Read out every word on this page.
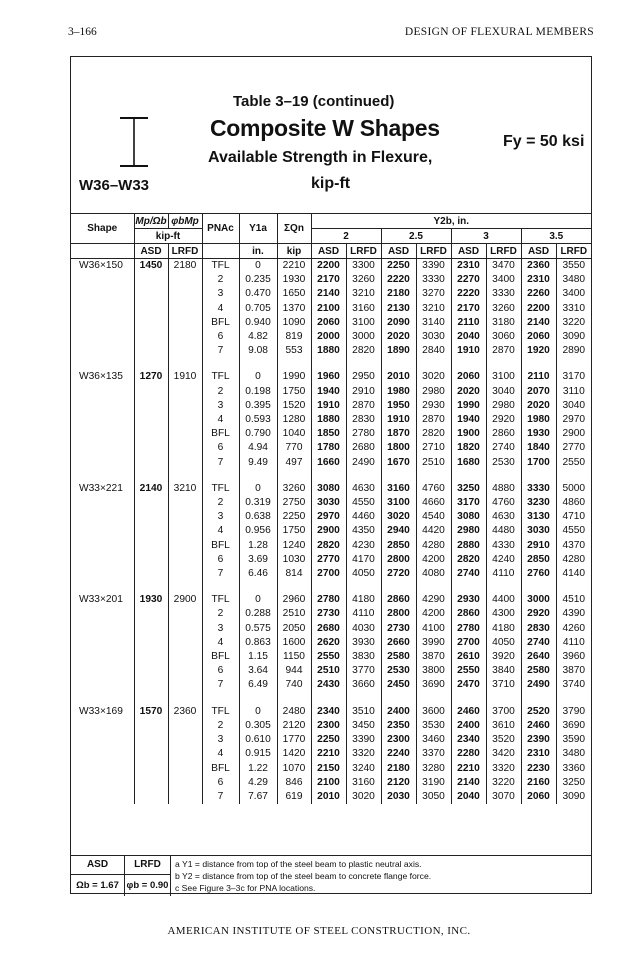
3–166	DESIGN OF FLEXURAL MEMBERS
Table 3–19 (continued)
Composite W Shapes
Available Strength in Flexure,
kip-ft
Fy = 50 ksi
W36–W33
Shape	Mp/Ωb	φbMp	PNAc	Y1a	ΣQn	Y2b, in.							
	kip-ft					2		2.5		3		3.5	
	ASD	LRFD		in.	kip	ASD	LRFD	ASD	LRFD	ASD	LRFD	ASD	LRFD
W36×150	1450	2180	TFL	0	2210	2200	3300	2250	3390	2310	3470	2360	3550
			2	0.235	1930	2170	3260	2220	3330	2270	3400	2310	3480
			3	0.470	1650	2140	3210	2180	3270	2220	3330	2260	3400
			4	0.705	1370	2100	3160	2130	3210	2170	3260	2200	3310
			BFL	0.940	1090	2060	3100	2090	3140	2110	3180	2140	3220
			6	4.82	819	2000	3000	2020	3030	2040	3060	2060	3090
			7	9.08	553	1880	2820	1890	2840	1910	2870	1920	2890

W36×135	1270	1910	TFL	0	1990	1960	2950	2010	3020	2060	3100	2110	3170
			2	0.198	1750	1940	2910	1980	2980	2020	3040	2070	3110
			3	0.395	1520	1910	2870	1950	2930	1990	2980	2020	3040
			4	0.593	1280	1880	2830	1910	2870	1940	2920	1980	2970
			BFL	0.790	1040	1850	2780	1870	2820	1900	2860	1930	2900
			6	4.94	770	1780	2680	1800	2710	1820	2740	1840	2770
			7	9.49	497	1660	2490	1670	2510	1680	2530	1700	2550

W33×221	2140	3210	TFL	0	3260	3080	4630	3160	4760	3250	4880	3330	5000
			2	0.319	2750	3030	4550	3100	4660	3170	4760	3230	4860
			3	0.638	2250	2970	4460	3020	4540	3080	4630	3130	4710
			4	0.956	1750	2900	4350	2940	4420	2980	4480	3030	4550
			BFL	1.28	1240	2820	4230	2850	4280	2880	4330	2910	4370
			6	3.69	1030	2770	4170	2800	4200	2820	4240	2850	4280
			7	6.46	814	2700	4050	2720	4080	2740	4110	2760	4140

W33×201	1930	2900	TFL	0	2960	2780	4180	2860	4290	2930	4400	3000	4510
			2	0.288	2510	2730	4110	2800	4200	2860	4300	2920	4390
			3	0.575	2050	2680	4030	2730	4100	2780	4180	2830	4260
			4	0.863	1600	2620	3930	2660	3990	2700	4050	2740	4110
			BFL	1.15	1150	2550	3830	2580	3870	2610	3920	2640	3960
			6	3.64	944	2510	3770	2530	3800	2550	3840	2580	3870
			7	6.49	740	2430	3660	2450	3690	2470	3710	2490	3740

W33×169	1570	2360	TFL	0	2480	2340	3510	2400	3600	2460	3700	2520	3790
			2	0.305	2120	2300	3450	2350	3530	2400	3610	2460	3690
			3	0.610	1770	2250	3390	2300	3460	2340	3520	2390	3590
			4	0.915	1420	2210	3320	2240	3370	2280	3420	2310	3480
			BFL	1.22	1070	2150	3240	2180	3280	2210	3320	2230	3360
			6	4.29	846	2100	3160	2120	3190	2140	3220	2160	3250
			7	7.67	619	2010	3020	2030	3050	2040	3070	2060	3090
ASD
Ωb = 1.67
LRFD
φb = 0.90
a Y1 = distance from top of the steel beam to plastic neutral axis.
b Y2 = distance from top of the steel beam to concrete flange force.
c See Figure 3–3c for PNA locations.
AMERICAN INSTITUTE OF STEEL CONSTRUCTION, INC.
